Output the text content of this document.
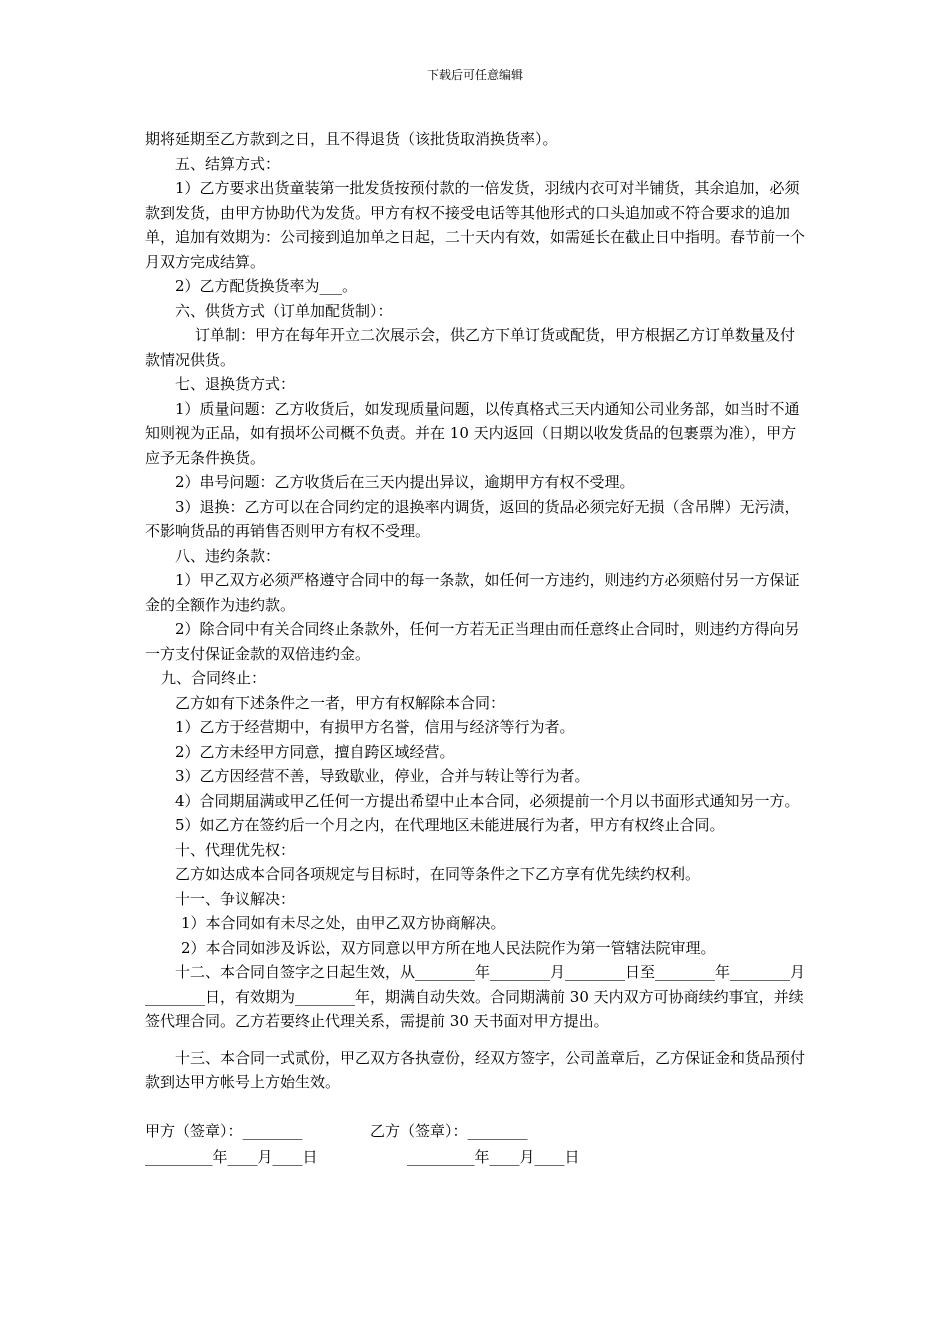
下载后可任意编辑

期将延期至乙方款到之日，且不得退货（该批货取消换货率）。

五、结算方式：

1）乙方要求出货童装第一批发货按预付款的一倍发货，羽绒内衣可对半铺货，其余追加，必须款到发货，由甲方协助代为发货。甲方有权不接受电话等其他形式的口头追加或不符合要求的追加单，追加有效期为：公司接到追加单之日起，二十天内有效，如需延长在截止日中指明。春节前一个月双方完成结算。

2）乙方配货换货率为___。

六、供货方式（订单加配货制）：

订单制：甲方在每年开立二次展示会，供乙方下单订货或配货，甲方根据乙方订单数量及付款情况供货。

七、退换货方式：

1）质量问题：乙方收货后，如发现质量问题，以传真格式三天内通知公司业务部，如当时不通知则视为正品，如有损坏公司概不负责。并在 10 天内返回（日期以收发货品的包裹票为准），甲方应予无条件换货。

2）串号问题：乙方收货后在三天内提出异议，逾期甲方有权不受理。

3）退换：乙方可以在合同约定的退换率内调货，返回的货品必须完好无损（含吊牌）无污渍，不影响货品的再销售否则甲方有权不受理。

八、违约条款：

1）甲乙双方必须严格遵守合同中的每一条款，如任何一方违约，则违约方必须赔付另一方保证金的全额作为违约款。

2）除合同中有关合同终止条款外，任何一方若无正当理由而任意终止合同时，则违约方得向另一方支付保证金款的双倍违约金。

九、合同终止：

乙方如有下述条件之一者，甲方有权解除本合同：

1）乙方于经营期中，有损甲方名誉，信用与经济等行为者。

2）乙方未经甲方同意，擅自跨区域经营。

3）乙方因经营不善，导致歇业，停业，合并与转让等行为者。

4）合同期届满或甲乙任何一方提出希望中止本合同，必须提前一个月以书面形式通知另一方。

5）如乙方在签约后一个月之内，在代理地区未能进展行为者，甲方有权终止合同。

十、代理优先权：

乙方如达成本合同各项规定与目标时，在同等条件之下乙方享有优先续约权利。

十一、争议解决：

1）本合同如有未尽之处，由甲乙双方协商解决。

2）本合同如涉及诉讼，双方同意以甲方所在地人民法院作为第一管辖法院审理。

十二、本合同自签字之日起生效，从________年________月________日至________年________月________日，有效期为________年，期满自动失效。合同期满前 30 天内双方可协商续约事宜，并续签代理合同。乙方若要终止代理关系，需提前 30 天书面对甲方提出。

十三、本合同一式贰份，甲乙双方各执壹份，经双方签字，公司盖章后，乙方保证金和货品预付款到达甲方帐号上方始生效。

甲方（签章）：________	乙方（签章）：________
_________年____月____日	_________年____月____日
